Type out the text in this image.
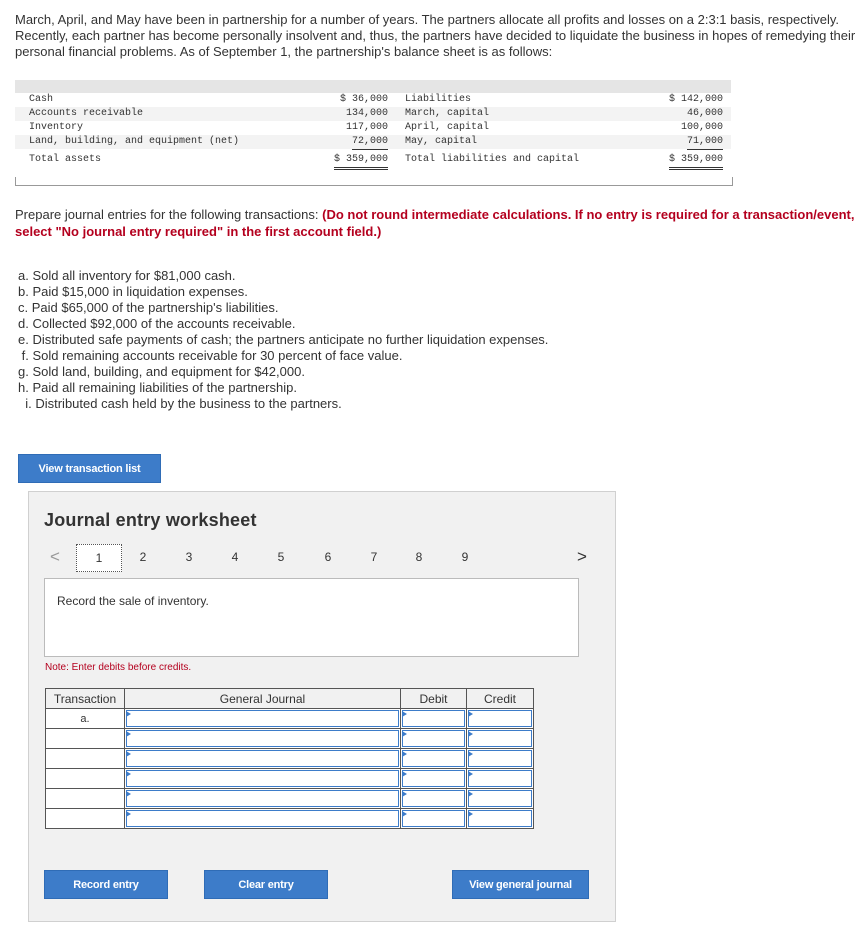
March, April, and May have been in partnership for a number of years. The partners allocate all profits and losses on a 2:3:1 basis, respectively. Recently, each partner has become personally insolvent and, thus, the partners have decided to liquidate the business in hopes of remedying their personal financial problems. As of September 1, the partnership's balance sheet is as follows:

Cash	$ 36,000 Liabilities	$ 142,000
Accounts receivable	134,000 March, capital	46,000
Inventory	117,000 April, capital	100,000
Land, building, and equipment (net)	72,000 May, capital	71,000
Total assets	$ 359,000 Total liabilities and capital	$ 359,000

Prepare journal entries for the following transactions: (Do not round intermediate calculations. If no entry is required for a transaction/event, select "No journal entry required" in the first account field.)

a. Sold all inventory for $81,000 cash.
b. Paid $15,000 in liquidation expenses.
c. Paid $65,000 of the partnership's liabilities.
d. Collected $92,000 of the accounts receivable.
e. Distributed safe payments of cash; the partners anticipate no further liquidation expenses.
f. Sold remaining accounts receivable for 30 percent of face value.
g. Sold land, building, and equipment for $42,000.
h. Paid all remaining liabilities of the partnership.
i. Distributed cash held by the business to the partners.
View transaction list
Journal entry worksheet
<	1	2	3	4	5	6	7	8	9	>
Record the sale of inventory.
Note: Enter debits before credits.
Transaction	General Journal	Debit	Credit
a.	

Record entry	Clear entry	View general journal
